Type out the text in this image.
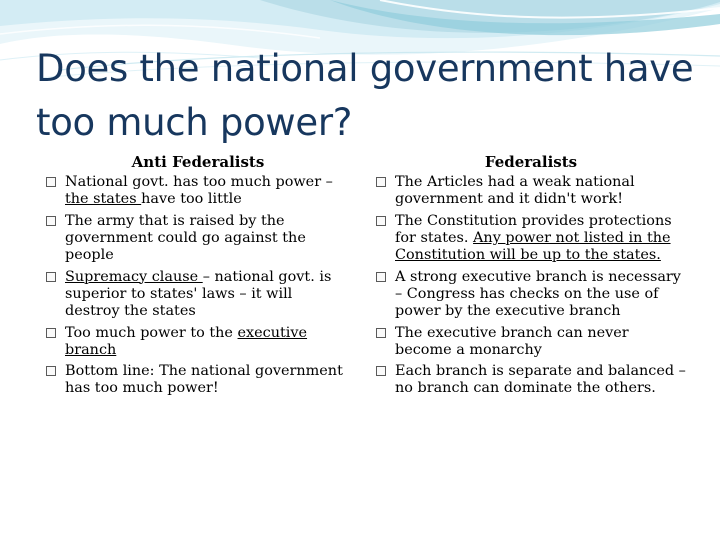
Does the national government have too much power?
Anti Federalists
National govt. has too much power – the states have too little
The army that is raised by the government could go against the people
Supremacy clause – national govt. is superior to states' laws – it will destroy the states
Too much power to the executive branch
Bottom line: The national government has too much power!
Federalists
The Articles had a weak national government and it didn't work!
The Constitution provides protections for states. Any power not listed in the Constitution will be up to the states.
A strong executive branch is necessary – Congress has checks on the use of power by the executive branch
The executive branch can never become a monarchy
Each branch is separate and balanced – no branch can dominate the others.
